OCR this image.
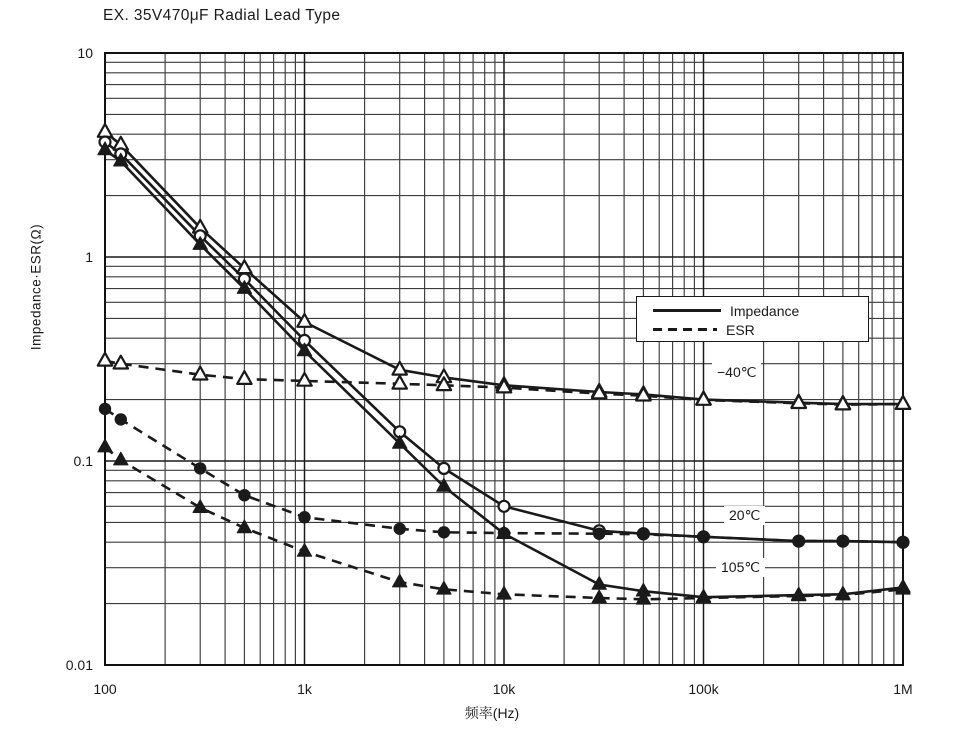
EX. 35V470μF Radial Lead Type
100	1k	10k	100k	1M
10
1
0.1
0.01
Impedance·ESR(Ω)
频率(Hz)
Impedance
ESR
−40℃
20℃
105℃
